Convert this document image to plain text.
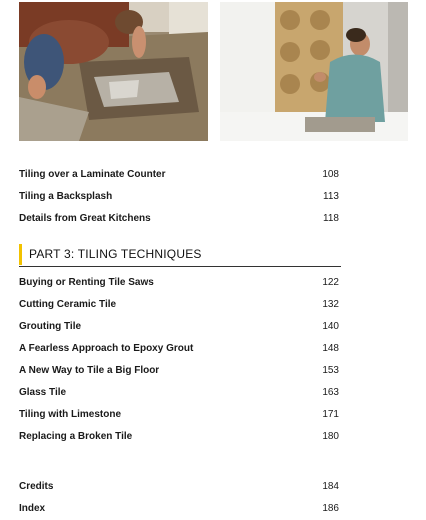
Tiling over a Laminate Counter	108
Tiling a Backsplash	113
Details from Great Kitchens	118
PART 3: TILING TECHNIQUES
Buying or Renting Tile Saws	122
Cutting Ceramic Tile	132
Grouting Tile	140
A Fearless Approach to Epoxy Grout	148
A New Way to Tile a Big Floor	153
Glass Tile	163
Tiling with Limestone	171
Replacing a Broken Tile	180
Credits	184
Index	186
